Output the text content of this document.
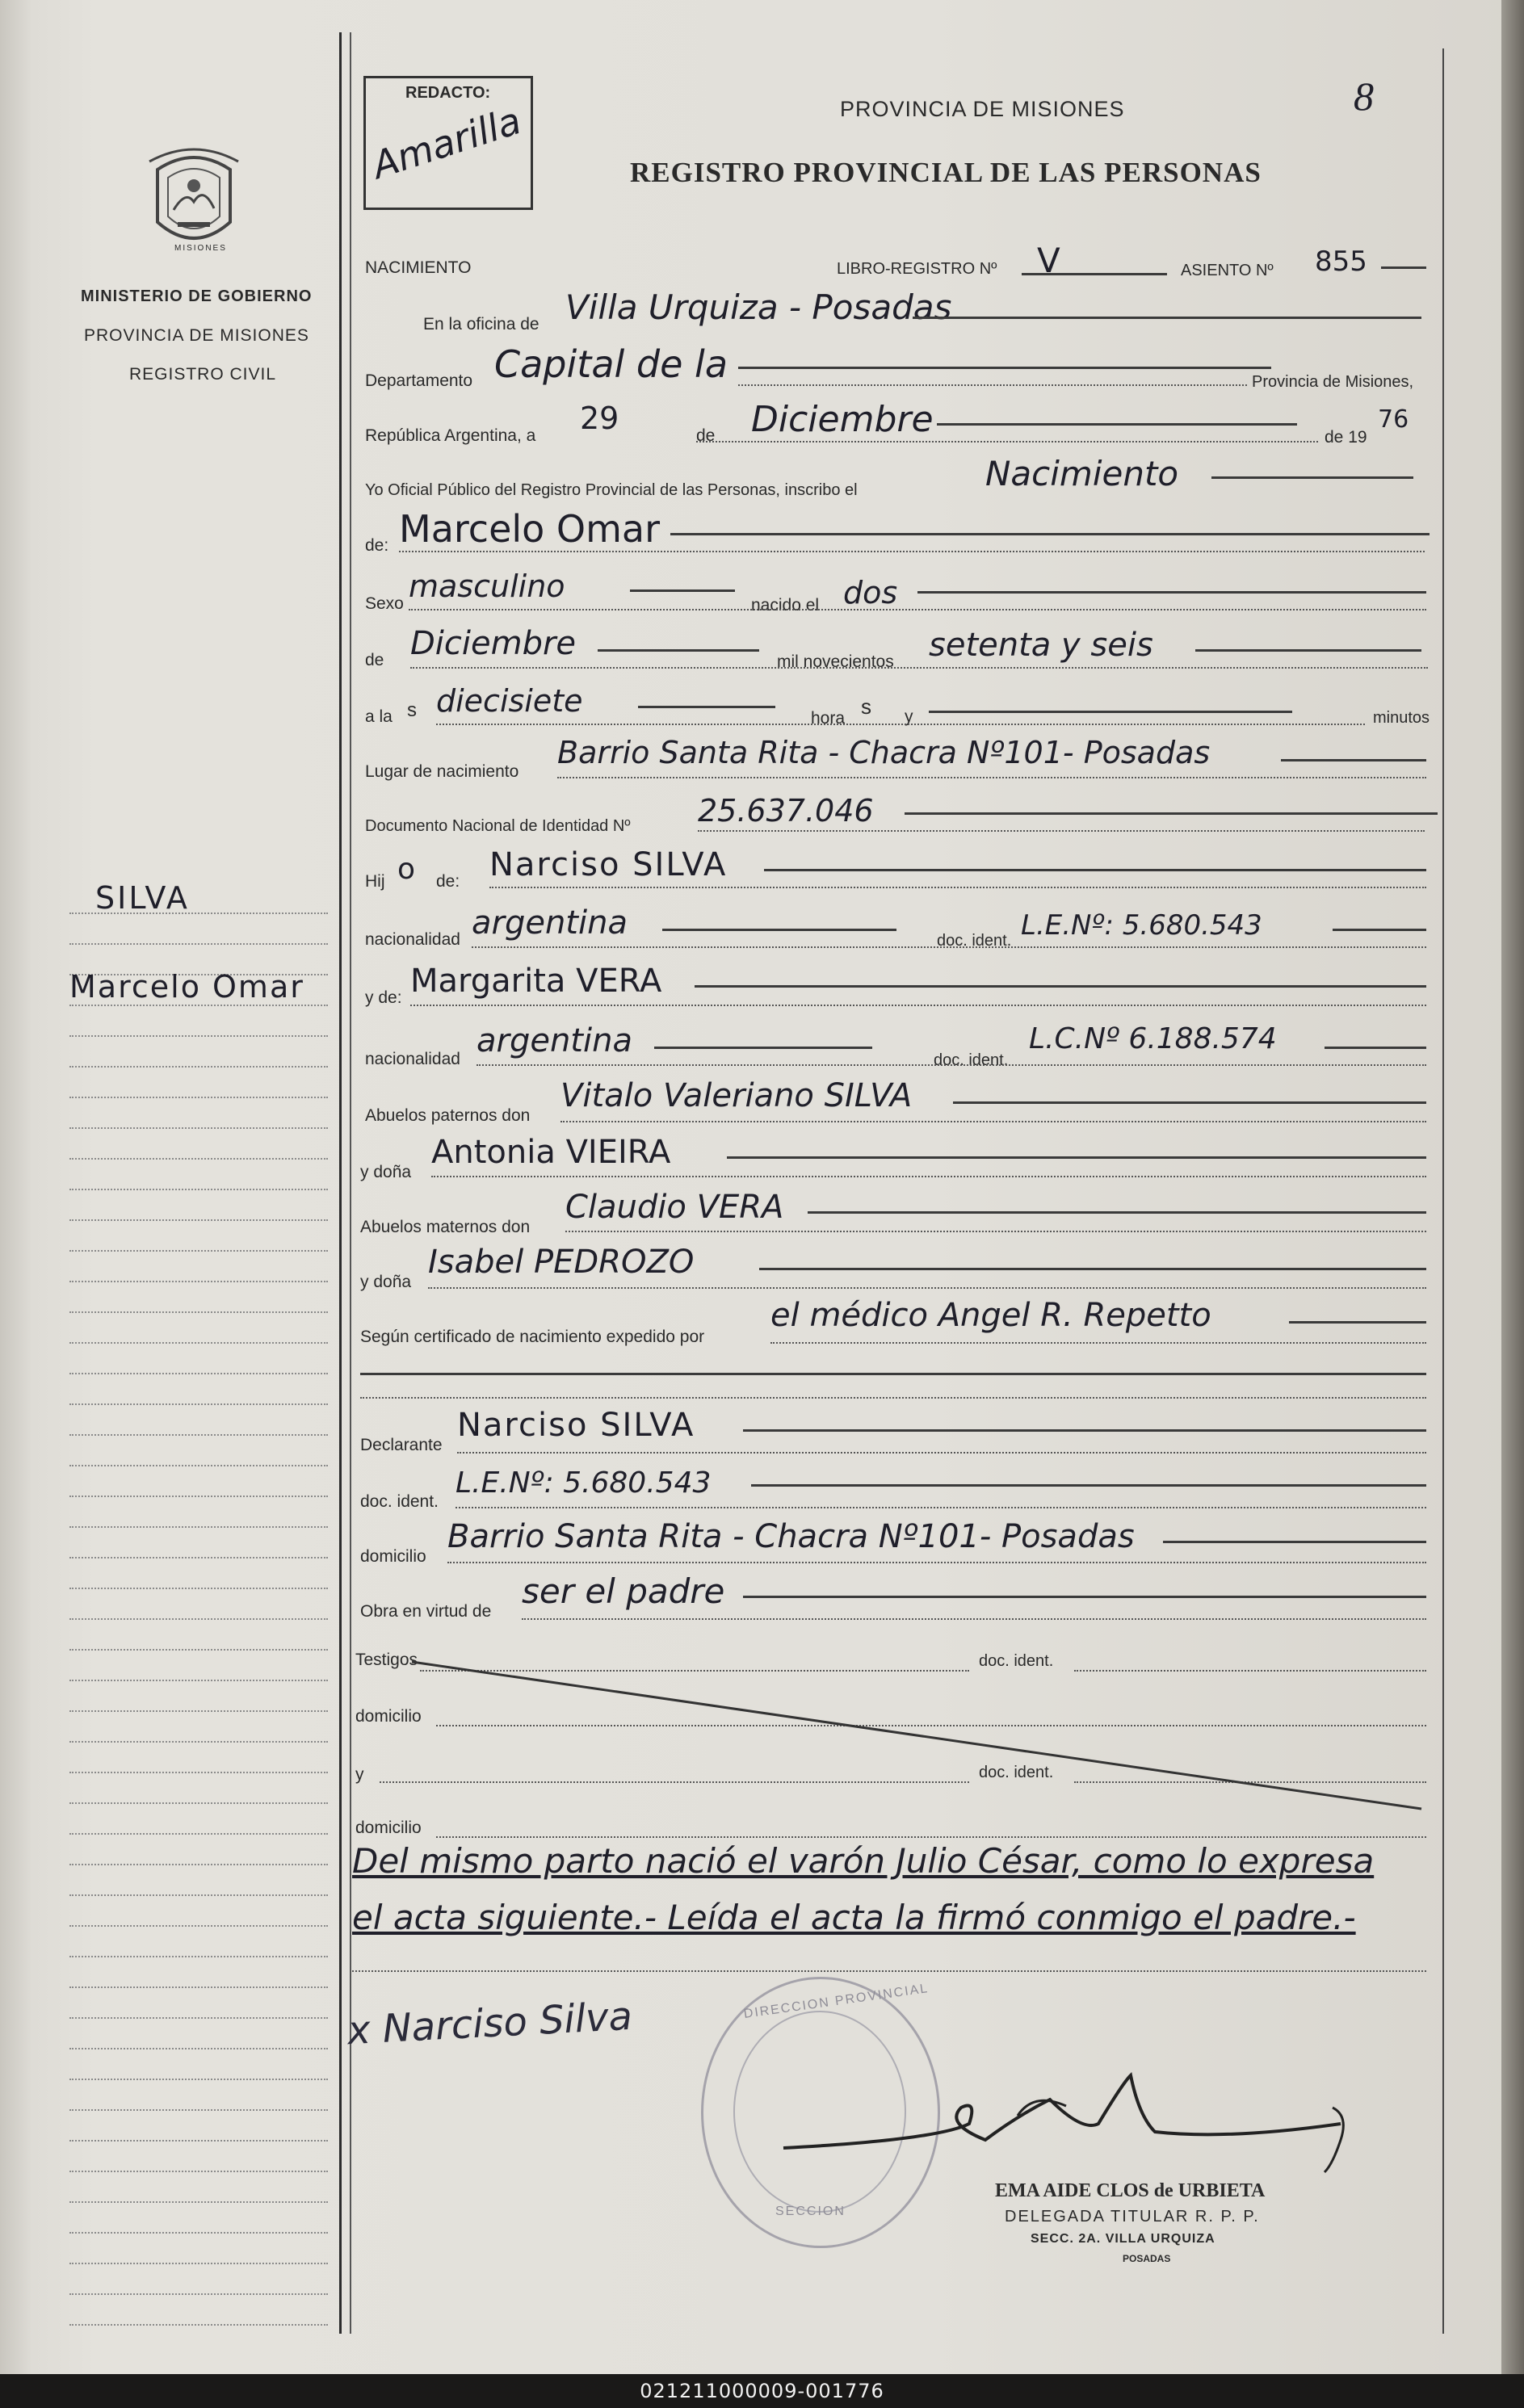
MISIONES
MINISTERIO DE GOBIERNO
PROVINCIA DE MISIONES
REGISTRO CIVIL
SILVA
Marcelo Omar
REDACTO:
Amarilla	PROVINCIA DE MISIONES
REGISTRO PROVINCIAL DE LAS PERSONAS
8
NACIMIENTO	LIBRO-REGISTRO Nº V	ASIENTO Nº 855
En la oficina de Villa Urquiza - Posadas
Departamento Capital de la	Provincia de Misiones,
República Argentina, a 29	de Diciembre	de 19
76
Yo Oficial Público del Registro Provincial de las Personas, inscribo el	Nacimiento
de: Marcelo Omar
Sexo masculino
nacido el dos
de Diciembre	mil novecientos setenta y seis
a la s diecisiete	hora s y	minutos
Lugar de nacimiento
Barrio Santa Rita - Chacra Nº101- Posadas
Documento Nacional de Identidad Nº 25.637.046
Hij o de: Narciso SILVA
nacionalidad argentina	doc. ident. L.E.Nº: 5.680.543
y de: Margarita VERA
nacionalidad argentina
doc. ident.
L.C.Nº 6.188.574
Abuelos paternos don
Vitalo Valeriano SILVA
y doña
Antonia VIEIRA
Abuelos maternos don
Claudio VERA
y doña
Isabel PEDROZO
Según certificado de nacimiento expedido por
el médico Angel R. Repetto
Declarante
Narciso SILVA
doc. ident.
L.E.Nº: 5.680.543
domicilio
Barrio Santa Rita - Chacra Nº101- Posadas
Obra en virtud de
ser el padre
Testigos	doc. ident.
domicilio
y	doc. ident.
domicilio
Del mismo parto nació el varón Julio César, como lo expresa
el acta siguiente.- Leída el acta la firmó conmigo el padre.-
DIRECCION PROVINCIAL
SECCION
x Narciso Silva
EMA AIDE CLOS de URBIETA
DELEGADA TITULAR R. P. P.
SECC. 2A. VILLA URQUIZA
POSADAS
021211000009-001776
